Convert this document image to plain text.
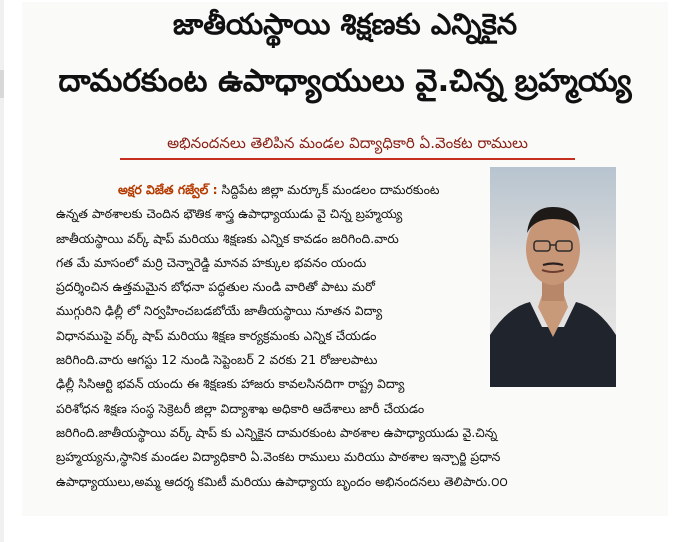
జాతీయస్థాయి శిక్షణకు ఎన్నికైన
దామరకుంట ఉపాధ్యాయులు వై.చిన్న బ్రహ్మయ్య
అభినందనలు తెలిపిన మండల విద్యాధికారి ఏ.వెంకట రాములు
అక్షర విజేత గజ్వేల్ : సిద్దిపేట జిల్లా మర్కూక్ మండలం దామరకుంట
ఉన్నత పాఠశాలకు చెందిన భౌతిక శాస్త్ర ఉపాధ్యాయుడు వై చిన్న బ్రహ్మయ్య
జాతీయస్థాయి వర్క్ షాప్ మరియు శిక్షణకు ఎన్నిక కావడం జరిగింది.వారు
గత మే మాసంలో మర్రి చెన్నారెడ్డి మానవ హక్కుల భవనం యందు
ప్రదర్శించిన ఉత్తమమైన బోధనా పద్ధతుల నుండి వారితో పాటు మరో
ముగ్గురిని ఢిల్లీ లో నిర్వహించబడబోయే జాతీయస్థాయి నూతన విద్యా
విధానముపై వర్క్ షాప్ మరియు శిక్షణ కార్యక్రమంకు ఎన్నిక చేయడం
జరిగింది.వారు ఆగస్టు 12 నుండి సెప్టెంబర్ 2 వరకు 21 రోజులపాటు
ఢిల్లీ సిసిఆర్టి భవన్ యందు ఈ శిక్షణకు హాజరు కావలసినదిగా రాష్ట్ర విద్యా
పరిశోధన శిక్షణ సంస్థ సెక్రెటరీ జిల్లా విద్యాశాఖ అధికారి ఆదేశాలు జారీ చేయడం
జరిగింది.జాతీయస్థాయి వర్క్ షాప్ కు ఎన్నికైన దామరకుంట పాఠశాల ఉపాధ్యాయుడు వై.చిన్న
బ్రహ్మయ్యను,స్థానిక మండల విద్యాధికారి ఏ.వెంకట రాములు మరియు పాఠశాల ఇన్చార్జి ప్రధాన
ఉపాధ్యాయులు,అమ్మ ఆదర్శ కమిటీ మరియు ఉపాధ్యాయ బృందం అభినందనలు తెలిపారు.౦౦
